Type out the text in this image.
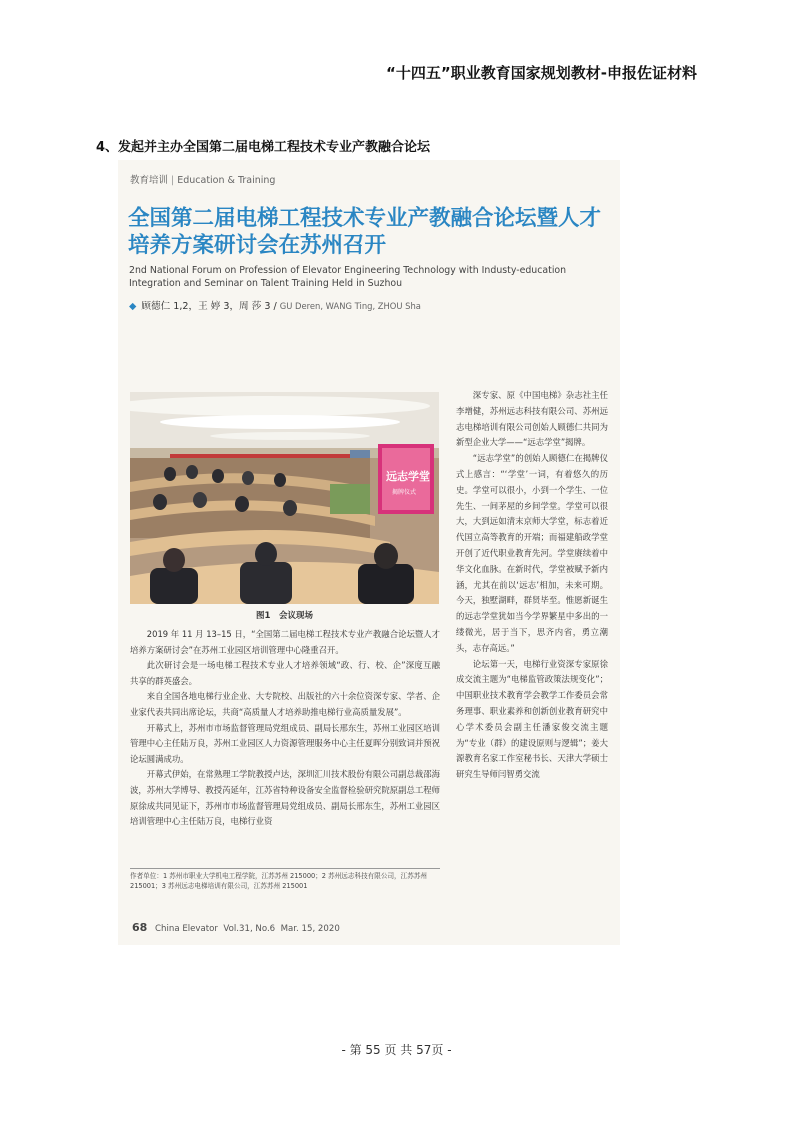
“十四五”职业教育国家规划教材-申报佐证材料
4、发起并主办全国第二届电梯工程技术专业产教融合论坛
教育培训 | Education & Training
全国第二届电梯工程技术专业产教融合论坛暨人才培养方案研讨会在苏州召开
2nd National Forum on Profession of Elevator Engineering Technology with Industy-education Integration and Seminar on Talent Training Held in Suzhou
◆ 顾德仁 1,2，王 婷 3，周 莎 3 / GU Deren, WANG Ting, ZHOU Sha
远志学堂
揭牌仪式
图1　会议现场

2019 年 11 月 13–15 日，“全国第二届电梯工程技术专业产教融合论坛暨人才培养方案研讨会”在苏州工业园区培训管理中心隆重召开。

此次研讨会是一场电梯工程技术专业人才培养领域“政、行、校、企”深度互融共享的群英盛会。

来自全国各地电梯行业企业、大专院校、出版社的六十余位资深专家、学者、企业家代表共同出席论坛，共商“高质量人才培养助推电梯行业高质量发展”。

开幕式上，苏州市市场监督管理局党组成员、副局长邢东生，苏州工业园区培训管理中心主任陆万良，苏州工业园区人力资源管理服务中心主任夏晖分别致词并预祝论坛圆满成功。

开幕式伊始，在常熟理工学院教授卢达，深圳汇川技术股份有限公司副总裁邵海波，苏州大学博导、教授芮延年，江苏省特种设备安全监督检验研究院原副总工程师原徐成共同见证下，苏州市市场监督管理局党组成员、副局长邢东生，苏州工业园区培训管理中心主任陆万良，电梯行业资

深专家、原《中国电梯》杂志社主任李增健，苏州远志科技有限公司、苏州远志电梯培训有限公司创始人顾德仁共同为新型企业大学——“远志学堂”揭牌。

“远志学堂”的创始人顾德仁在揭牌仪式上感言：“‘学堂’一词，有着悠久的历史。学堂可以很小，小到一个学生、一位先生、一间茅屋的乡间学堂。学堂可以很大，大到远如清末京师大学堂，标志着近代国立高等教育的开端；而福建船政学堂开创了近代职业教育先河。学堂赓续着中华文化血脉。在新时代，学堂被赋予新内涵，尤其在前以‘远志’相加，未来可期。今天，独墅湖畔，群贤毕至。惟愿新诞生的远志学堂犹如当今学界繁星中多出的一缕微光，居于当下，思齐内省，勇立潮头，志存高远。”

论坛第一天，电梯行业资深专家原徐成交流主题为“电梯监管政策法规变化”；中国职业技术教育学会教学工作委员会常务理事、职业素养和创新创业教育研究中心学术委员会副主任潘家俊交流主题为“专业（群）的建设原则与逻辑”；姜大源教育名家工作室秘书长、天津大学硕士研究生导师闫智勇交流

作者单位：1 苏州市职业大学机电工程学院，江苏苏州 215000；2 苏州远志科技有限公司，江苏苏州 215001；3 苏州远志电梯培训有限公司，江苏苏州 215001
68 China Elevator Vol.31, No.6 Mar. 15, 2020
- 第 55 页 共 57页 -
